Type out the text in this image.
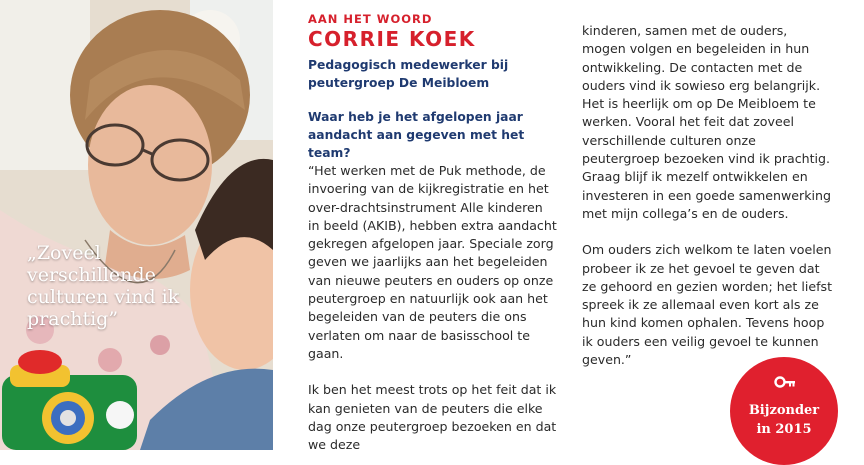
„Zoveel verschillende culturen vind ik prachtig”
AAN HET WOORD
CORRIE KOEK
Pedagogisch medewerker bij peutergroep De Meibloem
Waar heb je het afgelopen jaar aandacht aan gegeven met het team?

“Het werken met de Puk methode, de invoering van de kijkregistratie en het over-drachtsinstrument Alle kinderen in beeld (AKIB), hebben extra aandacht gekregen afgelopen jaar. Speciale zorg geven we jaarlijks aan het begeleiden van nieuwe peuters en ouders op onze peutergroep en natuurlijk ook aan het begeleiden van de peuters die ons verlaten om naar de basisschool te gaan.

Ik ben het meest trots op het feit dat ik kan genieten van de peuters die elke dag onze peutergroep bezoeken en dat we deze

kinderen, samen met de ouders, mogen volgen en begeleiden in hun ontwikkeling. De contacten met de ouders vind ik sowieso erg belangrijk. Het is heerlijk om op De Meibloem te werken. Vooral het feit dat zoveel verschillende culturen onze peutergroep bezoeken vind ik prachtig. Graag blijf ik mezelf ontwikkelen en investeren in een goede samenwerking met mijn collega’s en de ouders.

Om ouders zich welkom te laten voelen probeer ik ze het gevoel te geven dat ze gehoord en gezien worden; het liefst spreek ik ze allemaal even kort als ze hun kind komen ophalen. Tevens hoop ik ouders een veilig gevoel te kunnen geven.”

Bijzonder
in 2015
